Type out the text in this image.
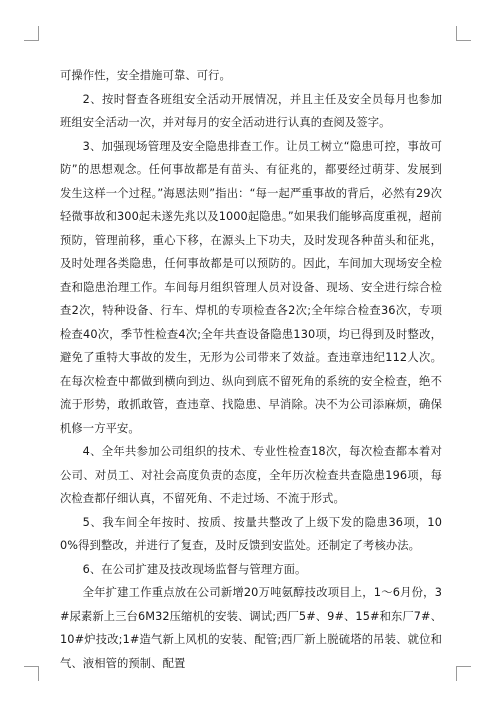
可操作性，安全措施可靠、可行。

2、按时督查各班组安全活动开展情况，并且主任及安全员每月也参加班组安全活动一次，并对每月的安全活动进行认真的查阅及签字。

3、加强现场管理及安全隐患排查工作。让员工树立“隐患可控，事故可防”的思想观念。任何事故都是有苗头、有征兆的，都要经过萌芽、发展到发生这样一个过程。”海恩法则”指出：“每一起严重事故的背后，必然有29次轻微事故和300起未遂先兆以及1000起隐患。”如果我们能够高度重视，超前预防，管理前移，重心下移，在源头上下功夫，及时发现各种苗头和征兆，及时处理各类隐患，任何事故都是可以预防的。因此，车间加大现场安全检查和隐患治理工作。车间每月组织管理人员对设备、现场、安全进行综合检查2次，特种设备、行车、焊机的专项检查各2次;全年综合检查36次，专项检查40次，季节性检查4次;全年共查设备隐患130项，均已得到及时整改，避免了重特大事故的发生，无形为公司带来了效益。查违章违纪112人次。在每次检查中都做到横向到边、纵向到底不留死角的系统的安全检查，绝不流于形势，敢抓敢管，查违章、找隐患、早消除。决不为公司添麻烦，确保机修一方平安。

4、全年共参加公司组织的技术、专业性检查18次，每次检查都本着对公司、对员工、对社会高度负责的态度，全年历次检查共查隐患196项，每次检查都仔细认真，不留死角、不走过场、不流于形式。

5、我车间全年按时、按质、按量共整改了上级下发的隐患36项，100%得到整改，并进行了复查，及时反馈到安监处。还制定了考核办法。

6、在公司扩建及技改现场监督与管理方面。

全年扩建工作重点放在公司新增20万吨氨醇技改项目上，1～6月份，3#尿素新上三台6M32压缩机的安装、调试;西厂5#、9#、15#和东厂7#、10#炉技改;1#造气新上风机的安装、配管;西厂新上脱硫塔的吊装、就位和气、液相管的预制、配置
